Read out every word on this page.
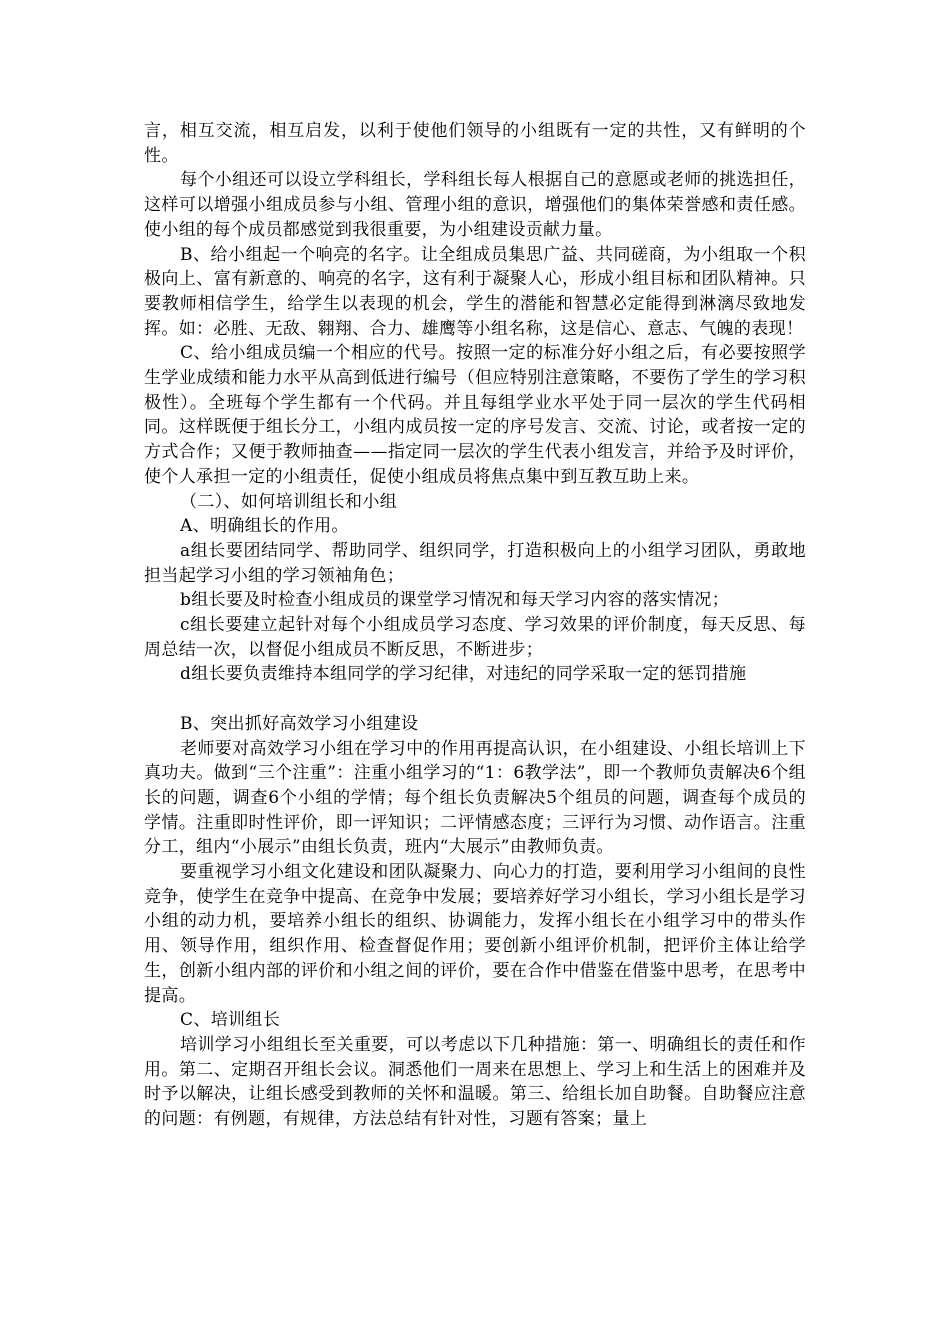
言，相互交流，相互启发，以利于使他们领导的小组既有一定的共性，又有鲜明的个性。

每个小组还可以设立学科组长，学科组长每人根据自己的意愿或老师的挑选担任，这样可以增强小组成员参与小组、管理小组的意识，增强他们的集体荣誉感和责任感。使小组的每个成员都感觉到我很重要，为小组建设贡献力量。

B、给小组起一个响亮的名字。让全组成员集思广益、共同磋商，为小组取一个积极向上、富有新意的、响亮的名字，这有利于凝聚人心，形成小组目标和团队精神。只要教师相信学生，给学生以表现的机会，学生的潜能和智慧必定能得到淋漓尽致地发挥。如：必胜、无敌、翱翔、合力、雄鹰等小组名称，这是信心、意志、气魄的表现！

C、给小组成员编一个相应的代号。按照一定的标准分好小组之后，有必要按照学生学业成绩和能力水平从高到低进行编号（但应特别注意策略，不要伤了学生的学习积极性）。全班每个学生都有一个代码。并且每组学业水平处于同一层次的学生代码相同。这样既便于组长分工，小组内成员按一定的序号发言、交流、讨论，或者按一定的方式合作；又便于教师抽查——指定同一层次的学生代表小组发言，并给予及时评价，使个人承担一定的小组责任，促使小组成员将焦点集中到互教互助上来。

（二）、如何培训组长和小组

A、明确组长的作用。

a组长要团结同学、帮助同学、组织同学，打造积极向上的小组学习团队，勇敢地担当起学习小组的学习领袖角色；

b组长要及时检查小组成员的课堂学习情况和每天学习内容的落实情况；

c组长要建立起针对每个小组成员学习态度、学习效果的评价制度，每天反思、每周总结一次，以督促小组成员不断反思，不断进步；

d组长要负责维持本组同学的学习纪律，对违纪的同学采取一定的惩罚措施

B、突出抓好高效学习小组建设

老师要对高效学习小组在学习中的作用再提高认识，在小组建设、小组长培训上下真功夫。做到“三个注重”：注重小组学习的“1：6教学法”，即一个教师负责解决6个组长的问题，调查6个小组的学情；每个组长负责解决5个组员的问题，调查每个成员的学情。注重即时性评价，即一评知识；二评情感态度；三评行为习惯、动作语言。注重分工，组内“小展示”由组长负责，班内“大展示”由教师负责。

要重视学习小组文化建设和团队凝聚力、向心力的打造，要利用学习小组间的良性竞争，使学生在竞争中提高、在竞争中发展；要培养好学习小组长，学习小组长是学习小组的动力机，要培养小组长的组织、协调能力，发挥小组长在小组学习中的带头作用、领导作用，组织作用、检查督促作用；要创新小组评价机制，把评价主体让给学生，创新小组内部的评价和小组之间的评价，要在合作中借鉴在借鉴中思考，在思考中提高。

C、培训组长

培训学习小组组长至关重要，可以考虑以下几种措施：第一、明确组长的责任和作用。第二、定期召开组长会议。洞悉他们一周来在思想上、学习上和生活上的困难并及时予以解决，让组长感受到教师的关怀和温暖。第三、给组长加自助餐。自助餐应注意的问题：有例题，有规律，方法总结有针对性，习题有答案；量上
